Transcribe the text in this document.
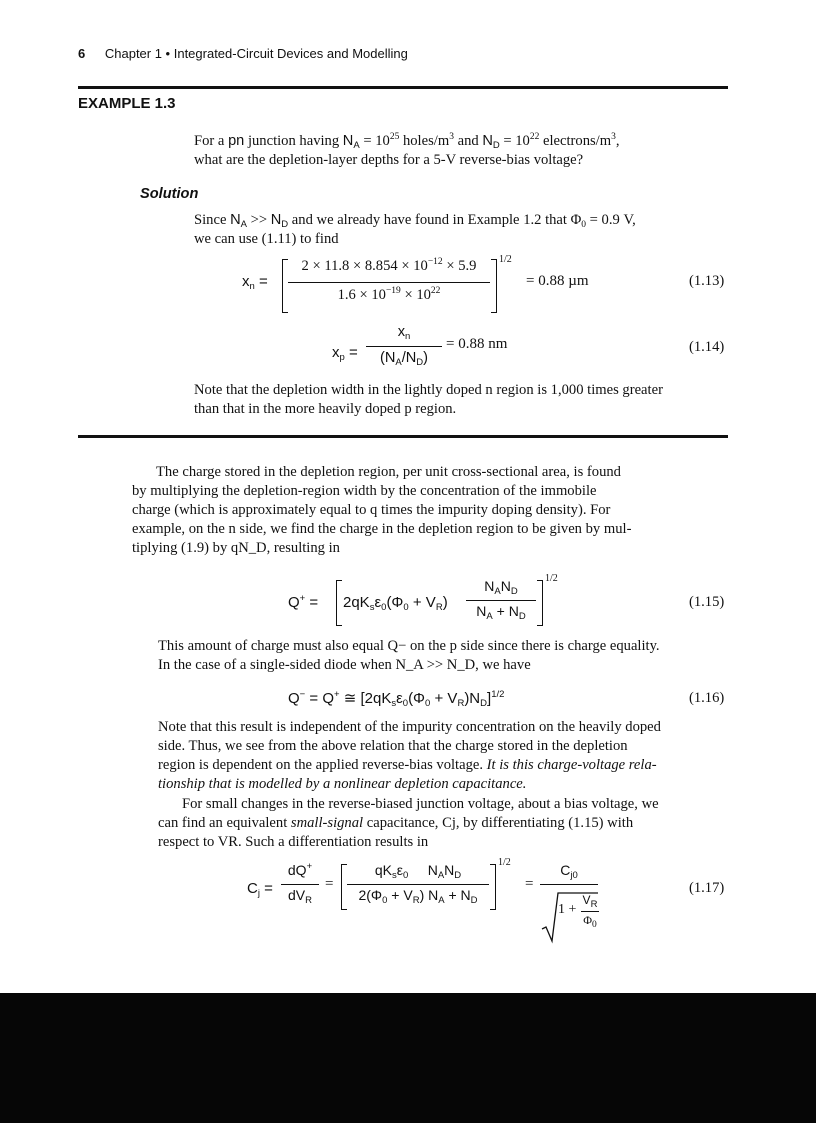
6 Chapter 1 • Integrated-Circuit Devices and Modelling
EXAMPLE 1.3
For a pn junction having $N_A = 10^{25}$ holes/$m^3$ and $N_D = 10^{22}$ electrons/$m^3$,
what are the depletion-layer depths for a 5-V reverse-bias voltage?
Solution
Since $N_A >> N_D$ and we already have found in Example 1.2 that $\Phi_0 = 0.9$ V,
we can use (1.11) to find
$x_n$ =
$2 \times 11.8 \times 8.854 \times 10^{-12} \times 5.9$
$1.6 \times 10^{-19} \times 10^{22}$
1/2
= 0.88 µm	(1.13)
$x_p$ =
$x_n$
$(N_A/N_D)$
= 0.88 nm	(1.14)
Note that the depletion width in the lightly doped n region is 1,000 times greater
than that in the more heavily doped p region.
The charge stored in the depletion region, per unit cross-sectional area, is found
by multiplying the depletion-region width by the concentration of the immobile
charge (which is approximately equal to q times the impurity doping density). For
example, on the n side, we find the charge in the depletion region to be given by mul-
tiplying (1.9) by qN_D, resulting in
$Q^+ = 2qK_s\varepsilon_0(\Phi_0 + V_R)$
$N_AN_D$
$N_A + N_D$
1/2
(1.15)
This amount of charge must also equal Q− on the p side since there is charge equality.
In the case of a single-sided diode when N_A >> N_D, we have
Q− = Q+ ≅ $[2qK_s\varepsilon_0(\Phi_0 + V_R)N_D]^{1/2}$	(1.16)
Note that this result is independent of the impurity concentration on the heavily doped
side. Thus, we see from the above relation that the charge stored in the depletion
region is dependent on the applied reverse-bias voltage. It is this charge-voltage rela-
tionship that is modelled by a nonlinear depletion capacitance.
For small changes in the reverse-biased junction voltage, about a bias voltage, we
can find an equivalent small-signal capacitance, Cj, by differentiating (1.15) with
respect to VR. Such a differentiation results in
$C_j$ =
dQ+
$dV_R$
=
$qK_s\varepsilon_0$     $N_AN_D$
$2(\Phi_0 + V_R) N_A + N_D$
1/2
=
$C_{j0}$
1 +
$V_R$
$\Phi_0$
(1.17)
